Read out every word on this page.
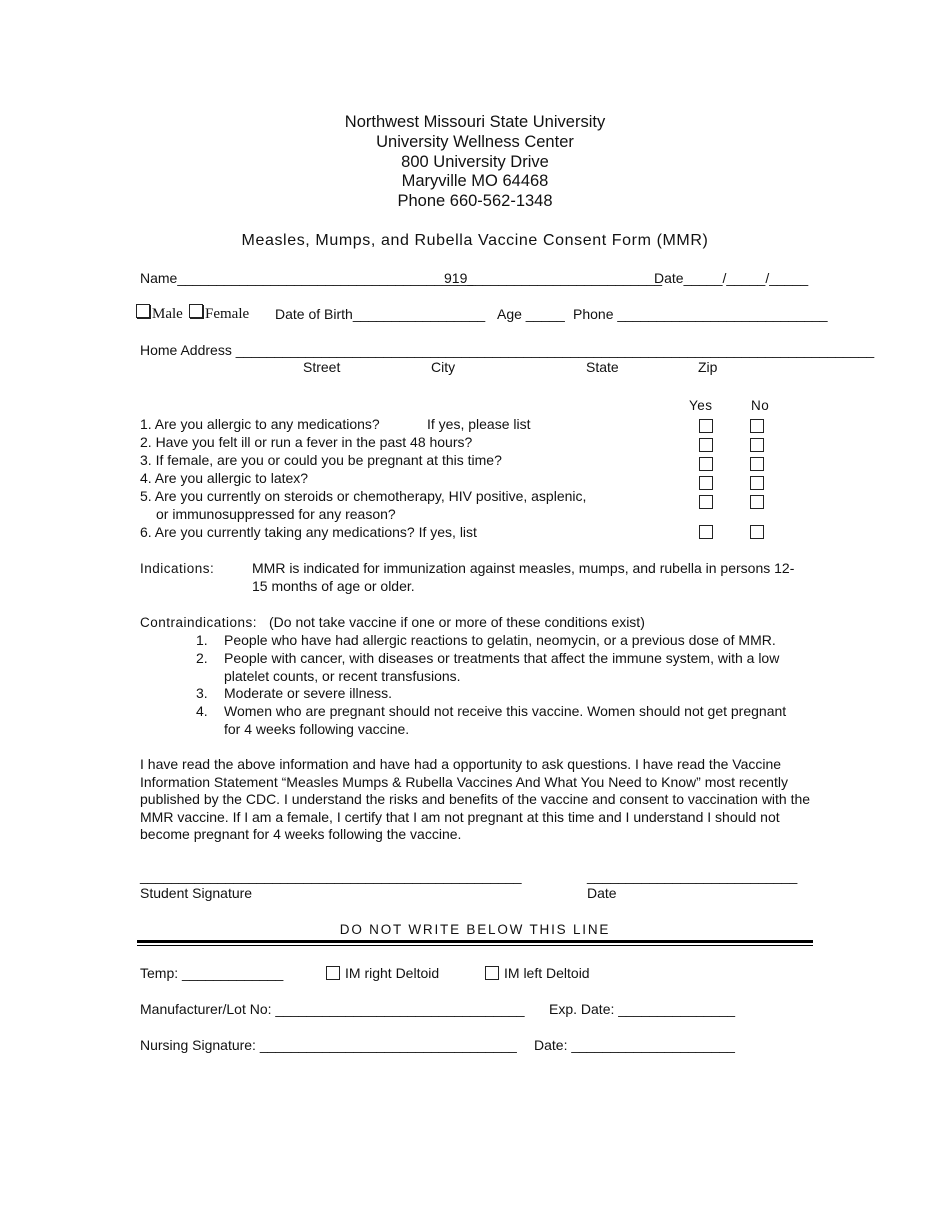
Northwest Missouri State University
University Wellness Center
800 University Drive
Maryville MO 64468
Phone 660-562-1348
Measles, Mumps, and Rubella Vaccine Consent Form (MMR)
Name______________________________________
919_________________________
Date_____/_____/_____
Male Female Date of Birth_________________ Age _____ Phone ___________________________
Home Address __________________________________________________________________________________
Street	City	State	Zip
Yes	No
1. Are you allergic to any medications?	If yes, please list
2. Have you felt ill or run a fever in the past 48 hours?
3. If female, are you or could you be pregnant at this time?
4. Are you allergic to latex?
5. Are you currently on steroids or chemotherapy, HIV positive, asplenic,
or immunosuppressed for any reason?
6. Are you currently taking any medications? If yes, list
Indications:	MMR is indicated for immunization against measles, mumps, and rubella in persons 12-15 months of age or older.
Contraindications: (Do not take vaccine if one or more of these conditions exist)
1. People who have had allergic reactions to gelatin, neomycin, or a previous dose of MMR.
2. People with cancer, with diseases or treatments that affect the immune system, with a low platelet counts, or recent transfusions.
3. Moderate or severe illness.
4. Women who are pregnant should not receive this vaccine. Women should not get pregnant for 4 weeks following vaccine.
I have read the above information and have had a opportunity to ask questions. I have read the Vaccine Information Statement “Measles Mumps & Rubella Vaccines And What You Need to Know” most recently published by the CDC. I understand the risks and benefits of the vaccine and consent to vaccination with the MMR vaccine. If I am a female, I certify that I am not pregnant at this time and I understand I should not become pregnant for 4 weeks following the vaccine.
_________________________________________________	___________________________
Student Signature	Date
DO NOT WRITE BELOW THIS LINE
Temp: _____________	IM right Deltoid	IM left Deltoid
Manufacturer/Lot No: ________________________________ Exp. Date: _______________
Nursing Signature: _________________________________ Date: _____________________
